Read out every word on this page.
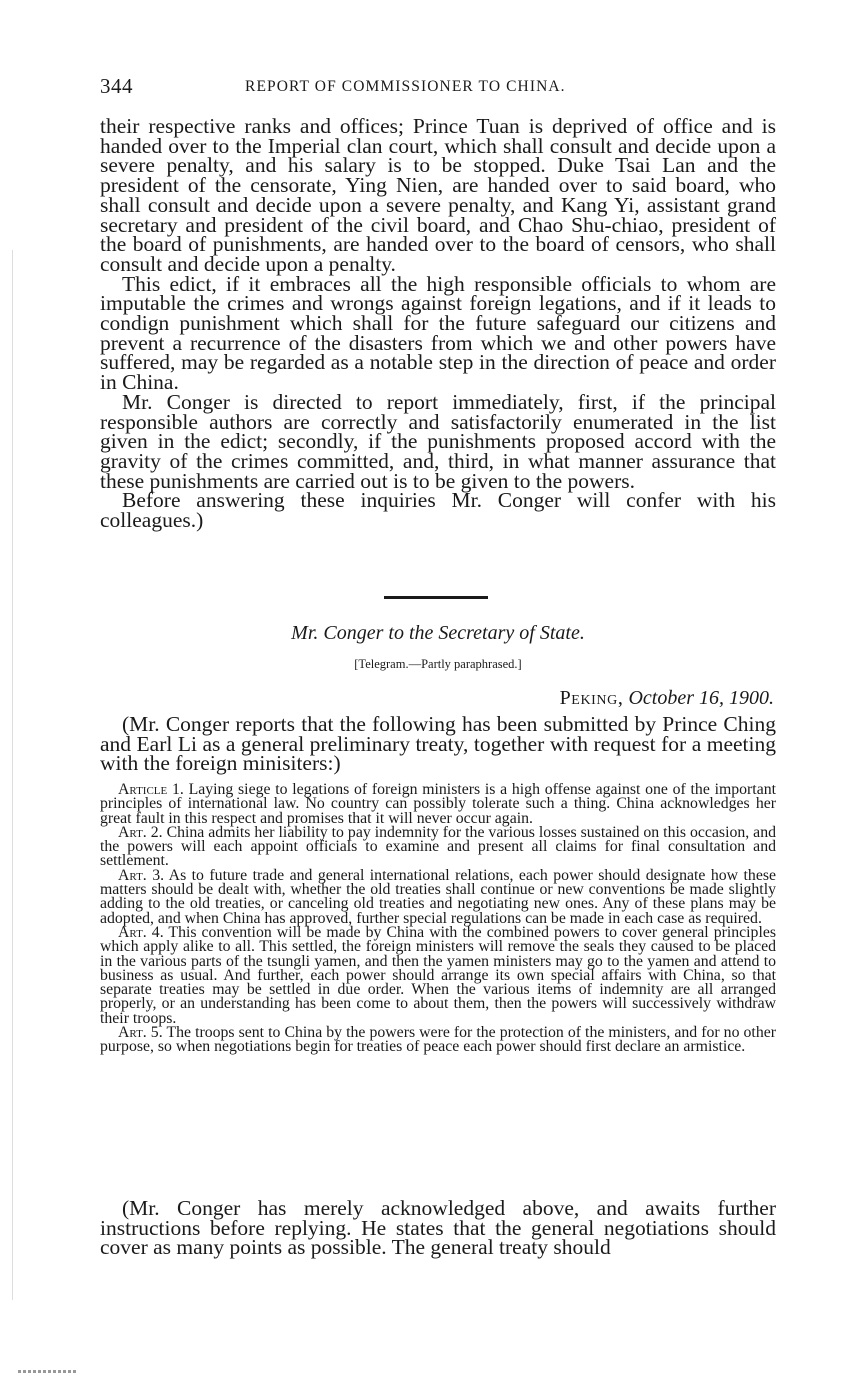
344	REPORT OF COMMISSIONER TO CHINA.

their respective ranks and offices; Prince Tuan is deprived of office and is handed over to the Imperial clan court, which shall consult and decide upon a severe penalty, and his salary is to be stopped. Duke Tsai Lan and the president of the censorate, Ying Nien, are handed over to said board, who shall consult and decide upon a severe penalty, and Kang Yi, assistant grand secretary and president of the civil board, and Chao Shu-chiao, president of the board of punishments, are handed over to the board of censors, who shall consult and decide upon a penalty.

This edict, if it embraces all the high responsible officials to whom are imputable the crimes and wrongs against foreign legations, and if it leads to condign punishment which shall for the future safeguard our citizens and prevent a recurrence of the disasters from which we and other powers have suffered, may be regarded as a notable step in the direction of peace and order in China.

Mr. Conger is directed to report immediately, first, if the principal responsible authors are correctly and satisfactorily enumerated in the list given in the edict; secondly, if the punishments proposed accord with the gravity of the crimes committed, and, third, in what manner assurance that these punishments are carried out is to be given to the powers.

Before answering these inquiries Mr. Conger will confer with his colleagues.)

Mr. Conger to the Secretary of State.
[Telegram.—Partly paraphrased.]
Peking, October 16, 1900.

(Mr. Conger reports that the following has been submitted by Prince Ching and Earl Li as a general preliminary treaty, together with request for a meeting with the foreign minisiters:)

Article 1. Laying siege to legations of foreign ministers is a high offense against one of the important principles of international law. No country can possibly tolerate such a thing. China acknowledges her great fault in this respect and promises that it will never occur again.

Art. 2. China admits her liability to pay indemnity for the various losses sustained on this occasion, and the powers will each appoint officials to examine and present all claims for final consultation and settlement.

Art. 3. As to future trade and general international relations, each power should designate how these matters should be dealt with, whether the old treaties shall continue or new conventions be made slightly adding to the old treaties, or canceling old treaties and negotiating new ones. Any of these plans may be adopted, and when China has approved, further special regulations can be made in each case as required.

Art. 4. This convention will be made by China with the combined powers to cover general principles which apply alike to all. This settled, the foreign ministers will remove the seals they caused to be placed in the various parts of the tsungli yamen, and then the yamen ministers may go to the yamen and attend to business as usual. And further, each power should arrange its own special affairs with China, so that separate treaties may be settled in due order. When the various items of indemnity are all arranged properly, or an understanding has been come to about them, then the powers will successively withdraw their troops.

Art. 5. The troops sent to China by the powers were for the protection of the ministers, and for no other purpose, so when negotiations begin for treaties of peace each power should first declare an armistice.

(Mr. Conger has merely acknowledged above, and awaits further instructions before replying. He states that the general negotiations should cover as many points as possible. The general treaty should
